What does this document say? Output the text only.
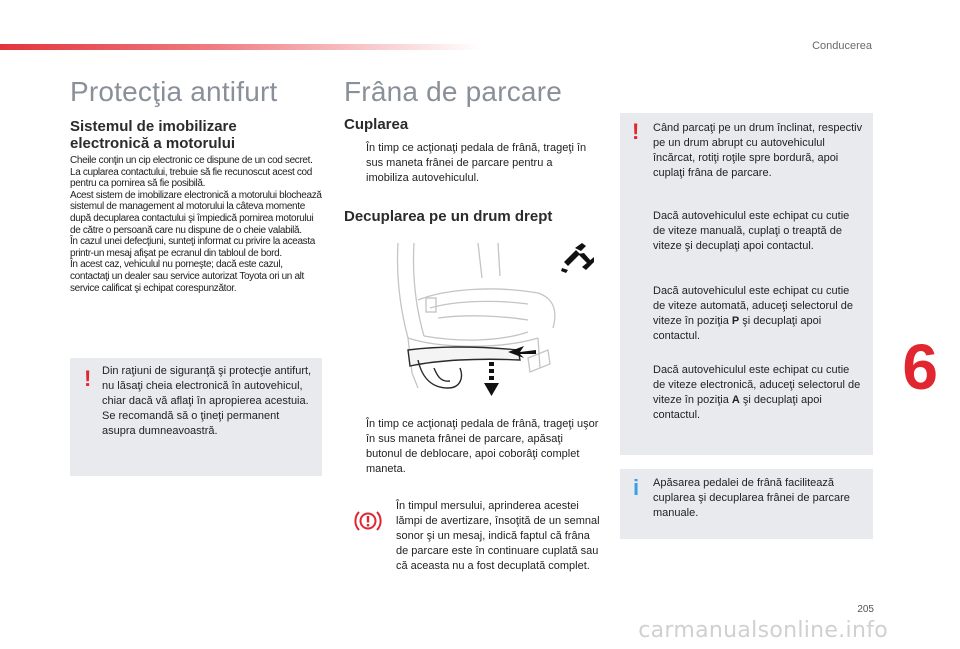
Conducerea
Protecţia antifurt
Sistemul de imobilizare electronică a motorului

Cheile conţin un cip electronic ce dispune de un cod secret. La cuplarea contactului, trebuie să fie recunoscut acest cod pentru ca pornirea să fie posibilă.

Acest sistem de imobilizare electronică a motorului blochează sistemul de management al motorului la câteva momente după decuplarea contactului şi împiedică pornirea motorului de către o persoană care nu dispune de o cheie valabilă.

În cazul unei defecţiuni, sunteţi informat cu privire la aceasta printr-un mesaj afişat pe ecranul din tabloul de bord.

În acest caz, vehiculul nu porneşte; dacă este cazul, contactaţi un dealer sau service autorizat Toyota ori un alt service calificat şi echipat corespunzător.

! Din raţiuni de siguranţă şi protecţie antifurt, nu lăsaţi cheia electronică în autovehicul, chiar dacă vă aflaţi în apropierea acestuia.
Se recomandă să o ţineţi permanent asupra dumneavoastră.
Frâna de parcare
Cuplarea
În timp ce acţionaţi pedala de frână, trageţi în sus maneta frânei de parcare pentru a imobiliza autovehiculul.
Decuplarea pe un drum drept
În timp ce acţionaţi pedala de frână, trageţi uşor în sus maneta frânei de parcare, apăsaţi butonul de deblocare, apoi coborâţi complet maneta.
În timpul mersului, aprinderea acestei lămpi de avertizare, însoţită de un semnal sonor şi un mesaj, indică faptul că frâna de parcare este în continuare cuplată sau că aceasta nu a fost decuplată complet.
! Când parcaţi pe un drum înclinat, respectiv pe un drum abrupt cu autovehiculul încărcat, rotiţi roţile spre bordură, apoi cuplaţi frâna de parcare.
Dacă autovehiculul este echipat cu cutie de viteze manuală, cuplaţi o treaptă de viteze şi decuplaţi apoi contactul.
Dacă autovehiculul este echipat cu cutie de viteze automată, aduceţi selectorul de viteze în poziţia P şi decuplaţi apoi contactul.
Dacă autovehiculul este echipat cu cutie de viteze electronică, aduceţi selectorul de viteze în poziţia A şi decuplaţi apoi contactul.
i Apăsarea pedalei de frână facilitează cuplarea şi decuplarea frânei de parcare manuale.
6
205
carmanualsonline.info
